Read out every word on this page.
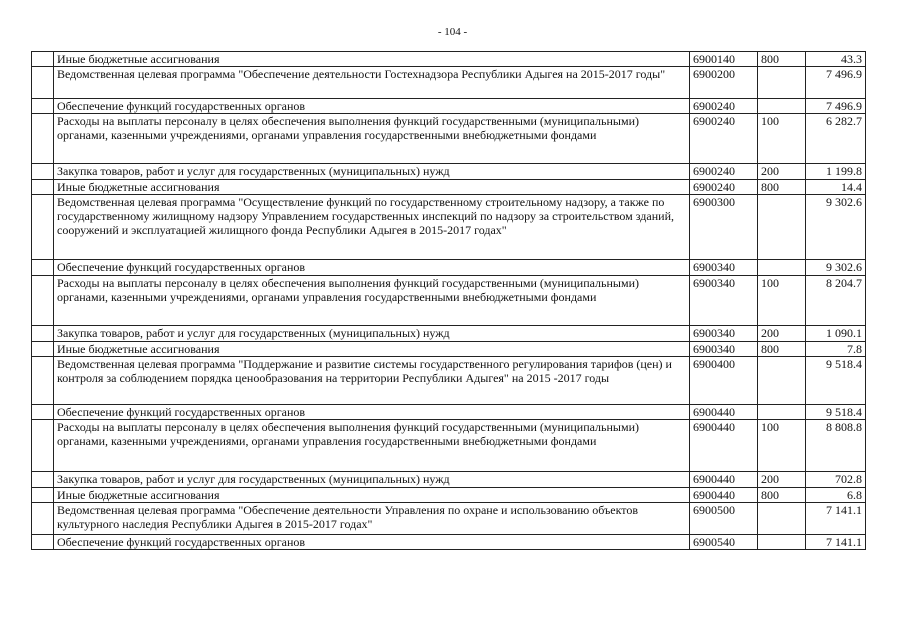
- 104 -
	Иные бюджетные ассигнования	6900140	800	43.3
	Ведомственная целевая программа "Обеспечение деятельности Гостехнадзора Республики Адыгея на 2015-2017 годы"	6900200		7 496.9
	Обеспечение функций государственных органов	6900240		7 496.9
	Расходы на выплаты персоналу в целях обеспечения выполнения функций государственными (муниципальными) органами, казенными учреждениями, органами управления государственными внебюджетными фондами	6900240	100	6 282.7
	Закупка товаров, работ и услуг для государственных (муниципальных) нужд	6900240	200	1 199.8
	Иные бюджетные ассигнования	6900240	800	14.4
	Ведомственная целевая программа "Осуществление функций по государственному строительному надзору, а также по государственному жилищному надзору Управлением государственных инспекций по надзору за строительством зданий, сооружений и эксплуатацией жилищного фонда Республики Адыгея в 2015-2017 годах"	6900300		9 302.6
	Обеспечение функций государственных органов	6900340		9 302.6
	Расходы на выплаты персоналу в целях обеспечения выполнения функций государственными (муниципальными) органами, казенными учреждениями, органами управления государственными внебюджетными фондами	6900340	100	8 204.7
	Закупка товаров, работ и услуг для государственных (муниципальных) нужд	6900340	200	1 090.1
	Иные бюджетные ассигнования	6900340	800	7.8
	Ведомственная целевая программа "Поддержание и развитие системы государственного регулирования тарифов (цен) и контроля за соблюдением порядка ценообразования на территории Республики Адыгея" на 2015 -2017 годы	6900400		9 518.4
	Обеспечение функций государственных органов	6900440		9 518.4
	Расходы на выплаты персоналу в целях обеспечения выполнения функций государственными (муниципальными) органами, казенными учреждениями, органами управления государственными внебюджетными фондами	6900440	100	8 808.8
	Закупка товаров, работ и услуг для государственных (муниципальных) нужд	6900440	200	702.8
	Иные бюджетные ассигнования	6900440	800	6.8
	Ведомственная целевая программа "Обеспечение деятельности Управления по охране и использованию объектов культурного наследия Республики Адыгея в 2015-2017 годах"	6900500		7 141.1
	Обеспечение функций государственных органов	6900540		7 141.1
